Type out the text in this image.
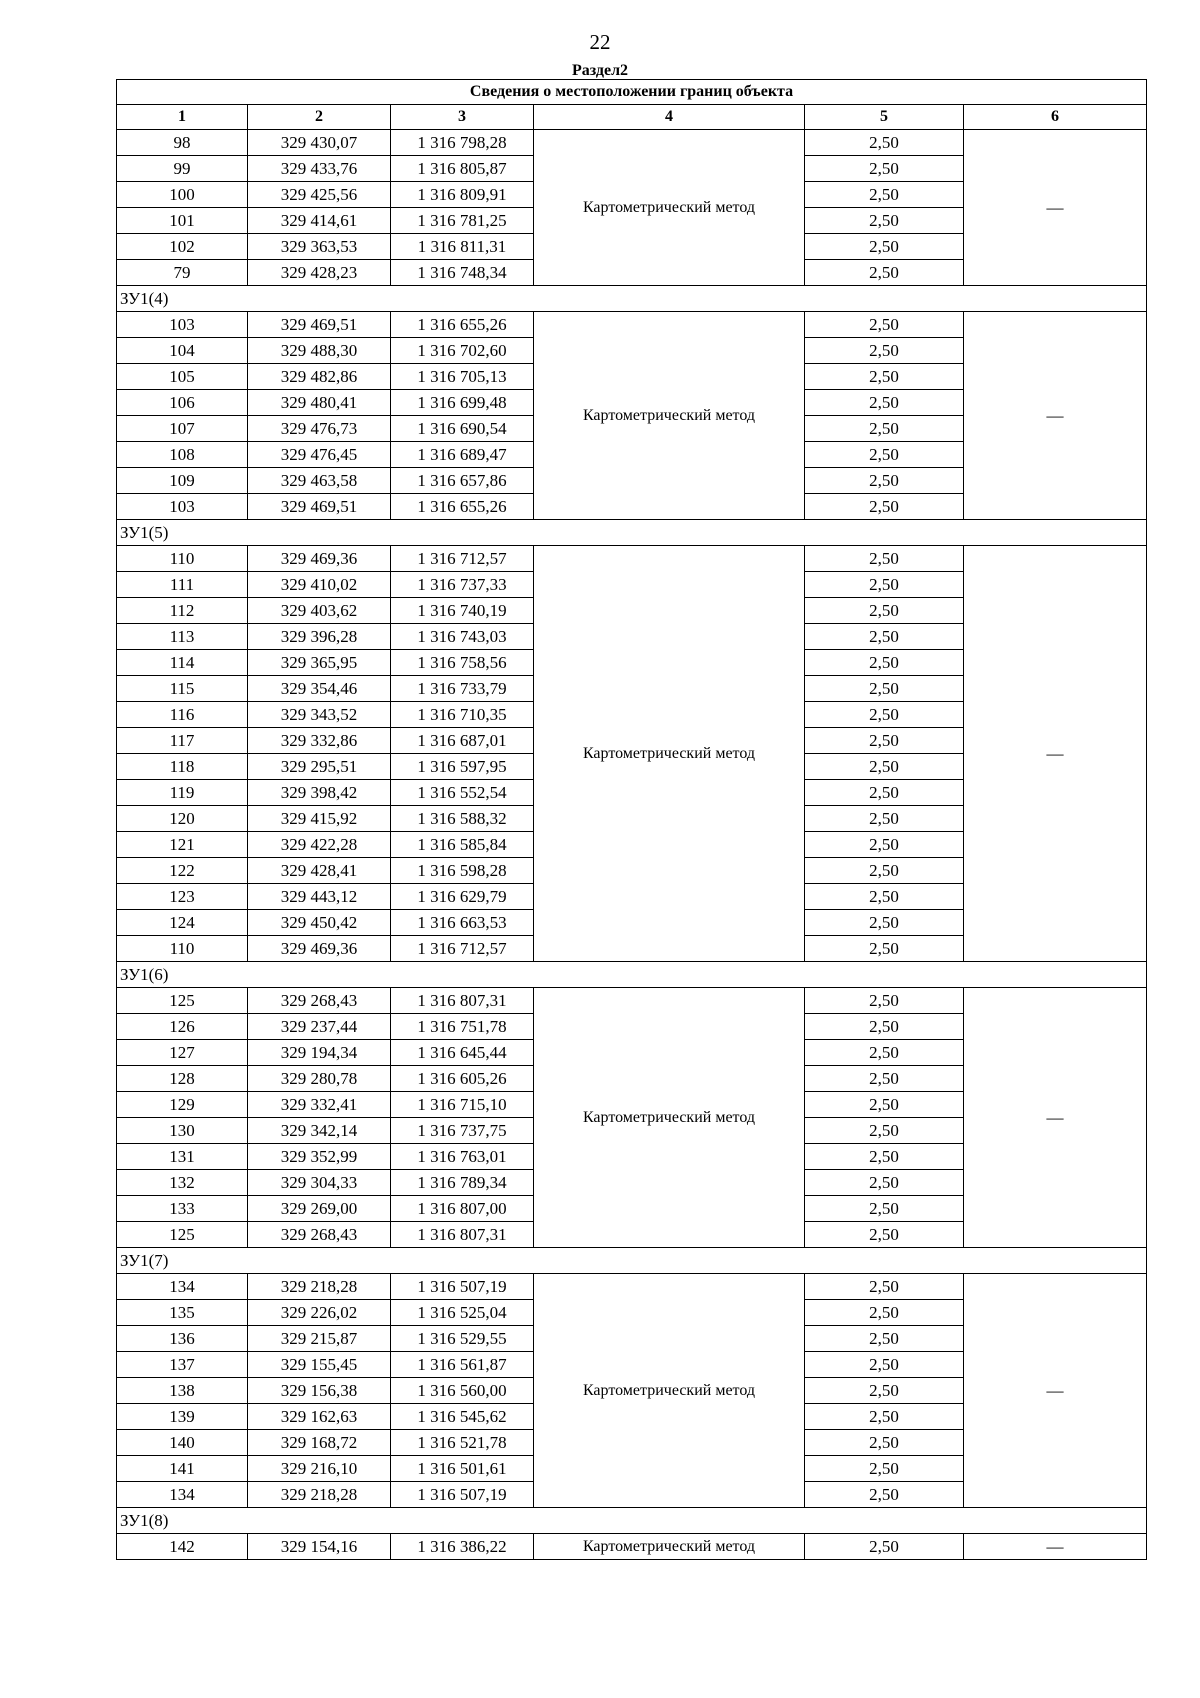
22
Раздел2
Сведения о местоположении границ объекта					
1	2	3	4	5	6
98	329 430,07	1 316 798,28	Картометрический метод	2,50	—
99	329 433,76	1 316 805,87		2,50	
100	329 425,56	1 316 809,91		2,50	
101	329 414,61	1 316 781,25		2,50	
102	329 363,53	1 316 811,31		2,50	
79	329 428,23	1 316 748,34		2,50	
ЗУ1(4)					
103	329 469,51	1 316 655,26	Картометрический метод	2,50	—
104	329 488,30	1 316 702,60		2,50	
105	329 482,86	1 316 705,13		2,50	
106	329 480,41	1 316 699,48		2,50	
107	329 476,73	1 316 690,54		2,50	
108	329 476,45	1 316 689,47		2,50	
109	329 463,58	1 316 657,86		2,50	
103	329 469,51	1 316 655,26		2,50	
ЗУ1(5)					
110	329 469,36	1 316 712,57	Картометрический метод	2,50	—
111	329 410,02	1 316 737,33		2,50	
112	329 403,62	1 316 740,19		2,50	
113	329 396,28	1 316 743,03		2,50	
114	329 365,95	1 316 758,56		2,50	
115	329 354,46	1 316 733,79		2,50	
116	329 343,52	1 316 710,35		2,50	
117	329 332,86	1 316 687,01		2,50	
118	329 295,51	1 316 597,95		2,50	
119	329 398,42	1 316 552,54		2,50	
120	329 415,92	1 316 588,32		2,50	
121	329 422,28	1 316 585,84		2,50	
122	329 428,41	1 316 598,28		2,50	
123	329 443,12	1 316 629,79		2,50	
124	329 450,42	1 316 663,53		2,50	
110	329 469,36	1 316 712,57		2,50	
ЗУ1(6)					
125	329 268,43	1 316 807,31	Картометрический метод	2,50	—
126	329 237,44	1 316 751,78		2,50	
127	329 194,34	1 316 645,44		2,50	
128	329 280,78	1 316 605,26		2,50	
129	329 332,41	1 316 715,10		2,50	
130	329 342,14	1 316 737,75		2,50	
131	329 352,99	1 316 763,01		2,50	
132	329 304,33	1 316 789,34		2,50	
133	329 269,00	1 316 807,00		2,50	
125	329 268,43	1 316 807,31		2,50	
ЗУ1(7)					
134	329 218,28	1 316 507,19	Картометрический метод	2,50	—
135	329 226,02	1 316 525,04		2,50	
136	329 215,87	1 316 529,55		2,50	
137	329 155,45	1 316 561,87		2,50	
138	329 156,38	1 316 560,00		2,50	
139	329 162,63	1 316 545,62		2,50	
140	329 168,72	1 316 521,78		2,50	
141	329 216,10	1 316 501,61		2,50	
134	329 218,28	1 316 507,19		2,50	
ЗУ1(8)					
142	329 154,16	1 316 386,22	Картометрический метод	2,50	—
